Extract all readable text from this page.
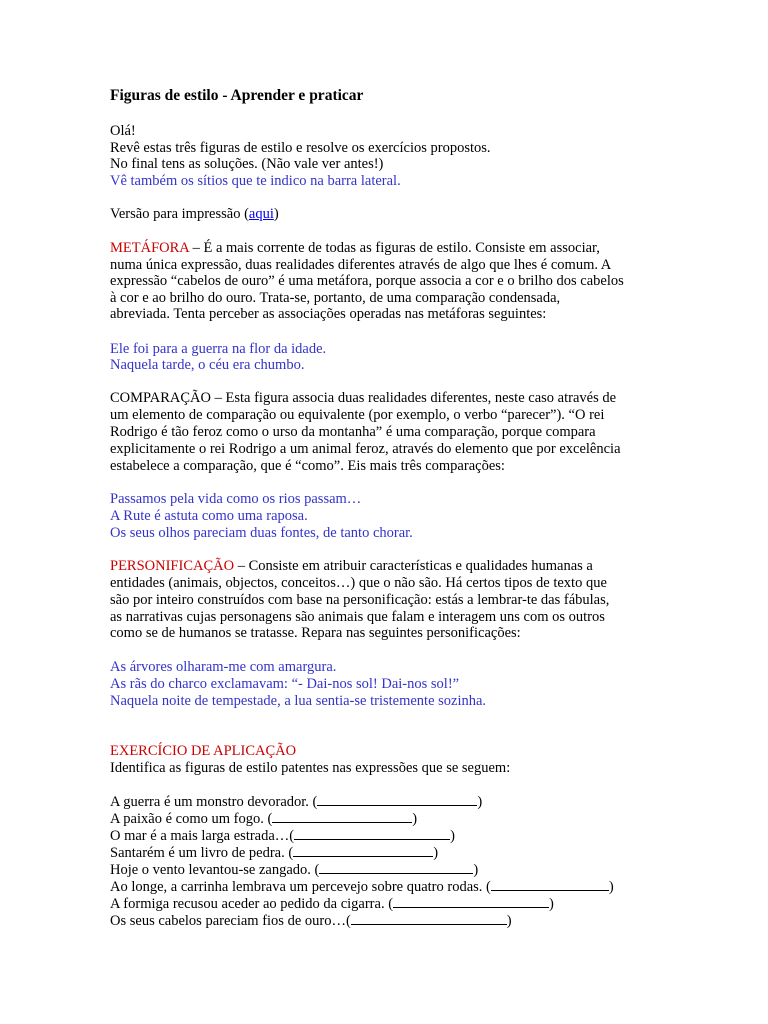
Figuras de estilo - Aprender e praticar
Olá!
Revê estas três figuras de estilo e resolve os exercícios propostos.
No final tens as soluções. (Não vale ver antes!)
Vê também os sítios que te indico na barra lateral.
Versão para impressão (aqui)
METÁFORA – É a mais corrente de todas as figuras de estilo. Consiste em associar,
numa única expressão, duas realidades diferentes através de algo que lhes é comum. A
expressão “cabelos de ouro” é uma metáfora, porque associa a cor e o brilho dos cabelos
à cor e ao brilho do ouro. Trata-se, portanto, de uma comparação condensada,
abreviada. Tenta perceber as associações operadas nas metáforas seguintes:
Ele foi para a guerra na flor da idade.
Naquela tarde, o céu era chumbo.
COMPARAÇÃO – Esta figura associa duas realidades diferentes, neste caso através de
um elemento de comparação ou equivalente (por exemplo, o verbo “parecer”). “O rei
Rodrigo é tão feroz como o urso da montanha” é uma comparação, porque compara
explicitamente o rei Rodrigo a um animal feroz, através do elemento que por excelência
estabelece a comparação, que é “como”. Eis mais três comparações:
Passamos pela vida como os rios passam…
A Rute é astuta como uma raposa.
Os seus olhos pareciam duas fontes, de tanto chorar.
PERSONIFICAÇÃO – Consiste em atribuir características e qualidades humanas a
entidades (animais, objectos, conceitos…) que o não são. Há certos tipos de texto que
são por inteiro construídos com base na personificação: estás a lembrar-te das fábulas,
as narrativas cujas personagens são animais que falam e interagem uns com os outros
como se de humanos se tratasse. Repara nas seguintes personificações:
As árvores olharam-me com amargura.
As rãs do charco exclamavam: “- Dai-nos sol! Dai-nos sol!”
Naquela noite de tempestade, a lua sentia-se tristemente sozinha.
EXERCÍCIO DE APLICAÇÃO
Identifica as figuras de estilo patentes nas expressões que se seguem:
A guerra é um monstro devorador. (	)
A paixão é como um fogo. (	)
O mar é a mais larga estrada…(	)
Santarém é um livro de pedra. (	)
Hoje o vento levantou-se zangado. (	)
Ao longe, a carrinha lembrava um percevejo sobre quatro rodas. (	)
A formiga recusou aceder ao pedido da cigarra. (	)
Os seus cabelos pareciam fios de ouro…(	)
